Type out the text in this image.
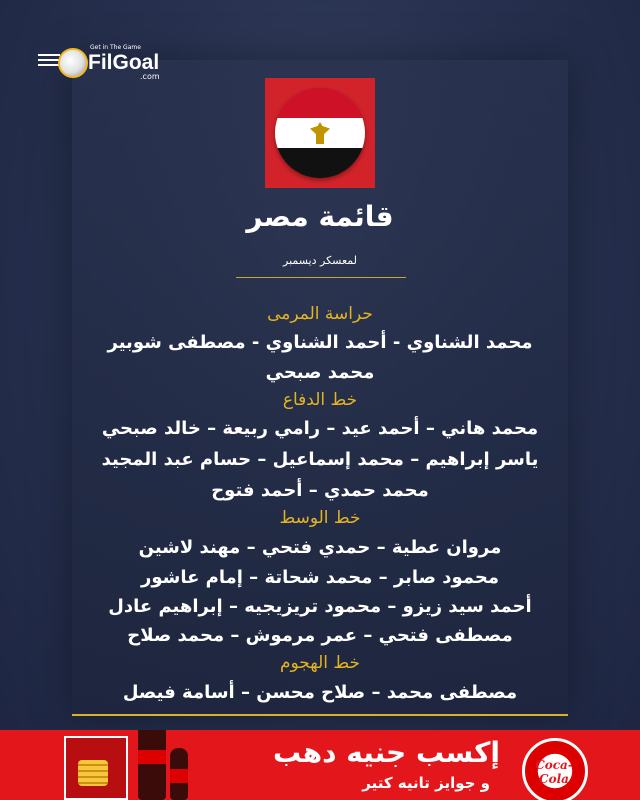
Get in The Game
FilGoal
.com
قائمة مصر
لمعسكر ديسمبر
حراسة المرمى
محمد الشناوي - أحمد الشناوي - مصطفى شوبير
محمد صبحي
خط الدفاع
محمد هاني – أحمد عيد – رامي ربيعة – خالد صبحي
ياسر إبراهيم – محمد إسماعيل – حسام عبد المجيد
محمد حمدي – أحمد فتوح
خط الوسط
مروان عطية – حمدي فتحي – مهند لاشين
محمود صابر – محمد شحاتة – إمام عاشور
أحمد سيد زيزو – محمود تريزيجيه – إبراهيم عادل
مصطفى فتحي – عمر مرموش – محمد صلاح
خط الهجوم
مصطفى محمد – صلاح محسن – أسامة فيصل
إكسب جنيه دهب
و جوايز تانيه كتير
Coca-Cola
